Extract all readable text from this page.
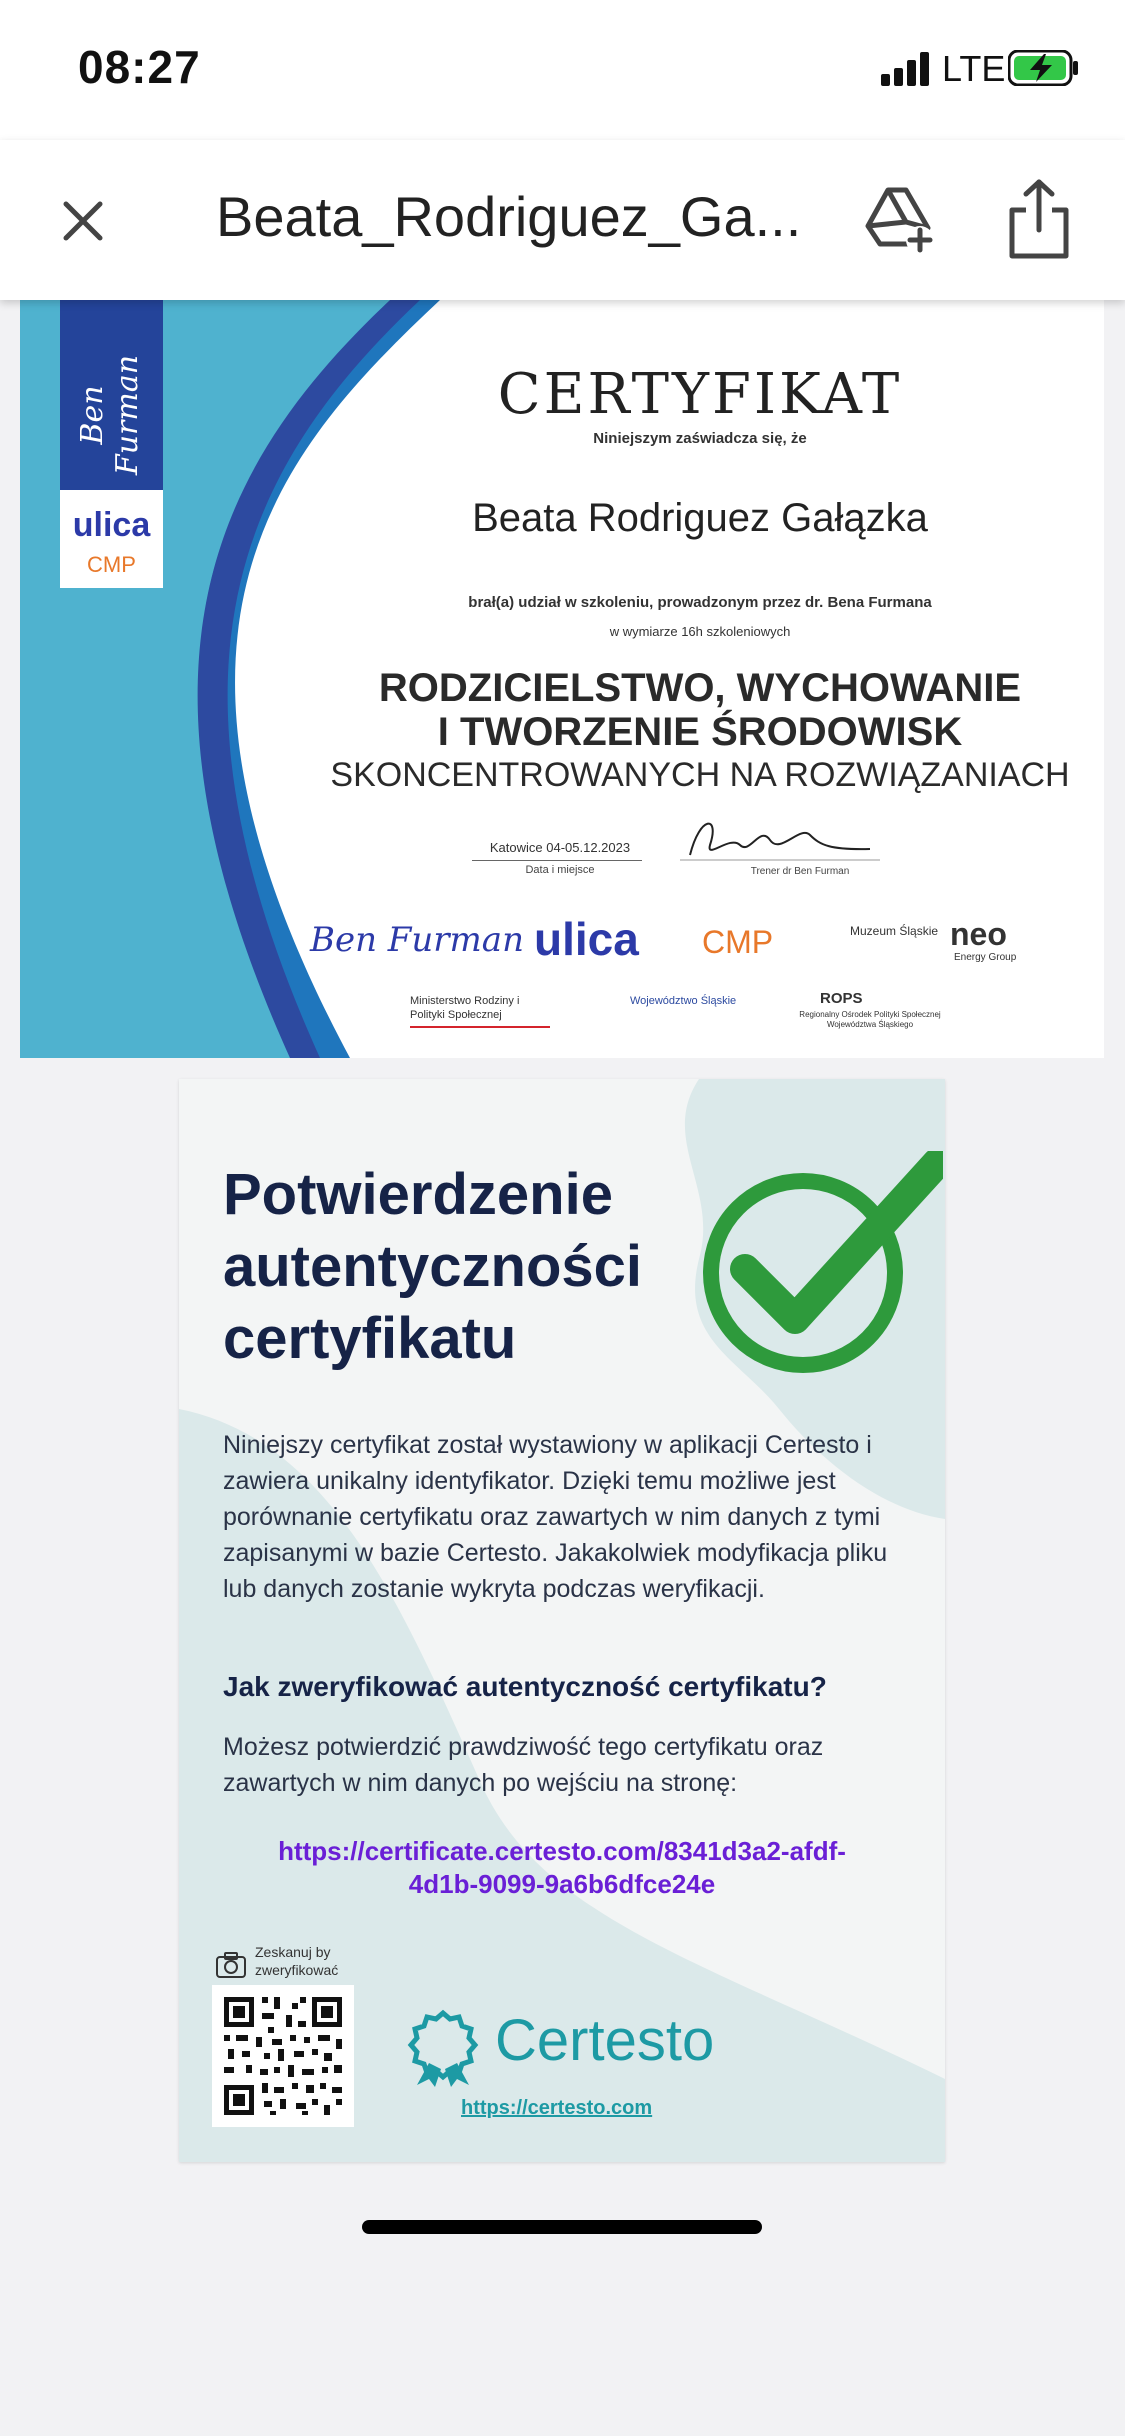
08:27	LTE
Beata_Rodriguez_Ga...
Ben Furman
ulica
CMP
CERTYFIKAT
Niniejszym zaświadcza się, że
Beata Rodriguez Gałązka
brał(a) udział w szkoleniu, prowadzonym przez dr. Bena Furmana
w wymiarze 16h szkoleniowych
RODZICIELSTWO, WYCHOWANIE
I TWORZENIE ŚRODOWISK
SKONCENTROWANYCH NA ROZWIĄZANIACH
Katowice 04-05.12.2023
Data i miejsce	Trener dr Ben Furman
Ben Furman ulica CMP	Muzeum Śląskie neo
Energy Group
Ministerstwo Rodziny i Polityki Społecznej
Województwo Śląskie	ROPS
Regionalny Ośrodek Polityki Społecznej Województwa Śląskiego
Potwierdzenie
autentyczności
certyfikatu
Niniejszy certyfikat został wystawiony w aplikacji Certesto i zawiera unikalny identyfikator. Dzięki temu możliwe jest porównanie certyfikatu oraz zawartych w nim danych z tymi zapisanymi w bazie Certesto. Jakakolwiek modyfikacja pliku lub danych zostanie wykryta podczas weryfikacji.
Jak zweryfikować autentyczność certyfikatu?
Możesz potwierdzić prawdziwość tego certyfikatu oraz zawartych w nim danych po wejściu na stronę:
https://certificate.certesto.com/8341d3a2-afdf-
4d1b-9099-9a6b6dfce24e
Zeskanuj by
zweryfikować
Certesto
https://certesto.com
